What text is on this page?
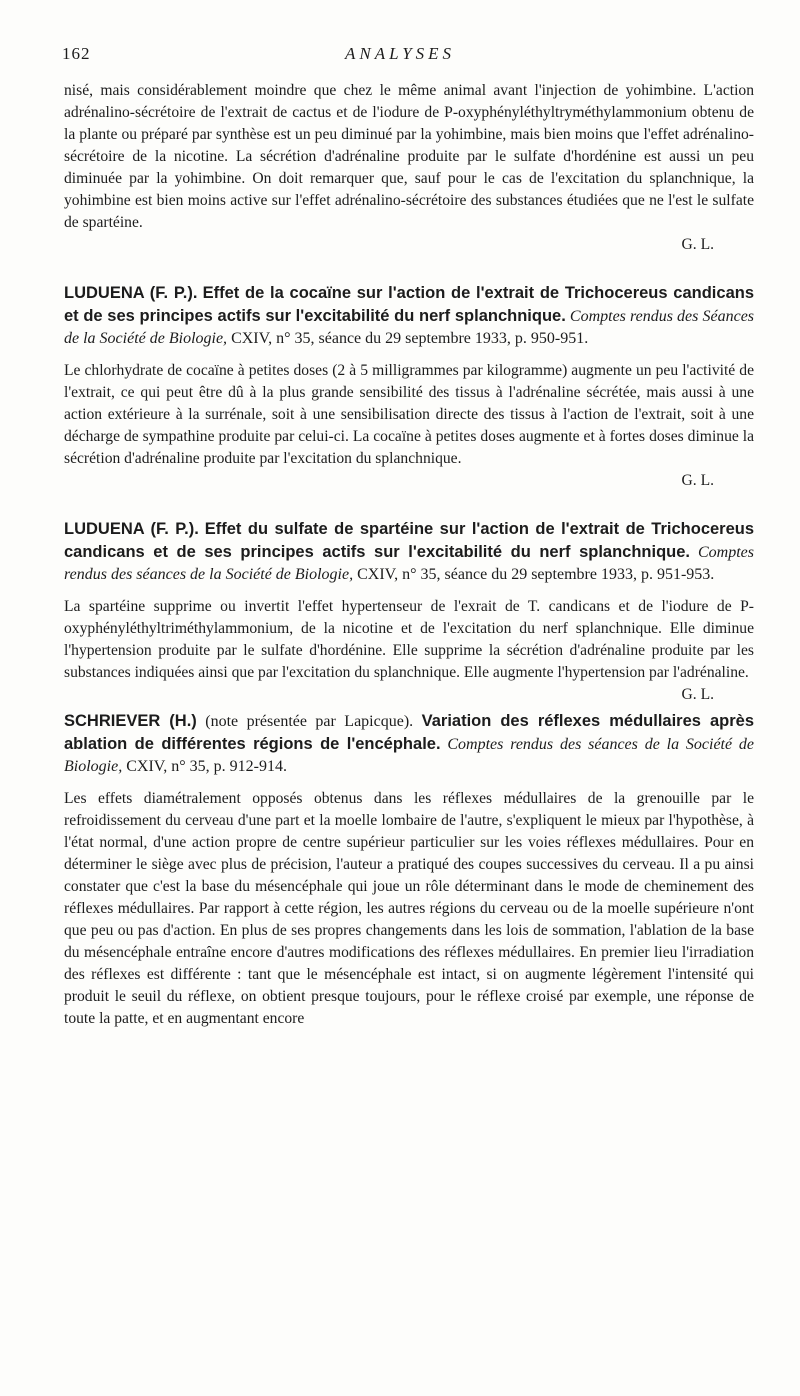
162	ANALYSES

nisé, mais considérablement moindre que chez le même animal avant l'injection de yohimbine. L'action adrénalino-sécrétoire de l'extrait de cactus et de l'iodure de P-oxyphényléthyltryméthylammonium obtenu de la plante ou préparé par synthèse est un peu diminué par la yohimbine, mais bien moins que l'effet adrénalino-sécrétoire de la nicotine. La sécrétion d'adrénaline produite par le sulfate d'hordénine est aussi un peu diminuée par la yohimbine. On doit remarquer que, sauf pour le cas de l'excitation du splanchnique, la yohimbine est bien moins active sur l'effet adrénalino-sécrétoire des substances étudiées que ne l'est le sulfate de spartéine.

G. L.

LUDUENA (F. P.). Effet de la cocaïne sur l'action de l'extrait de Trichocereus candicans et de ses principes actifs sur l'excitabilité du nerf splanchnique. Comptes rendus des Séances de la Société de Biologie, CXIV, n° 35, séance du 29 septembre 1933, p. 950-951.

Le chlorhydrate de cocaïne à petites doses (2 à 5 milligrammes par kilogramme) augmente un peu l'activité de l'extrait, ce qui peut être dû à la plus grande sensibilité des tissus à l'adrénaline sécrétée, mais aussi à une action extérieure à la surrénale, soit à une sensibilisation directe des tissus à l'action de l'extrait, soit à une décharge de sympathine produite par celui-ci. La cocaïne à petites doses augmente et à fortes doses diminue la sécrétion d'adrénaline produite par l'excitation du splanchnique.

G. L.

LUDUENA (F. P.). Effet du sulfate de spartéine sur l'action de l'extrait de Trichocereus candicans et de ses principes actifs sur l'excitabilité du nerf splanchnique. Comptes rendus des séances de la Société de Biologie, CXIV, n° 35, séance du 29 septembre 1933, p. 951-953.

La spartéine supprime ou invertit l'effet hypertenseur de l'exrait de T. candicans et de l'iodure de P-oxyphényléthyltriméthylammonium, de la nicotine et de l'excitation du nerf splanchnique. Elle diminue l'hypertension produite par le sulfate d'hordénine. Elle supprime la sécrétion d'adrénaline produite par les substances indiquées ainsi que par l'excitation du splanchnique. Elle augmente l'hypertension par l'adrénaline.
G. L.

SCHRIEVER (H.) (note présentée par Lapicque). Variation des réflexes médullaires après ablation de différentes régions de l'encéphale. Comptes rendus des séances de la Société de Biologie, CXIV, n° 35, p. 912-914.

Les effets diamétralement opposés obtenus dans les réflexes médullaires de la grenouille par le refroidissement du cerveau d'une part et la moelle lombaire de l'autre, s'expliquent le mieux par l'hypothèse, à l'état normal, d'une action propre de centre supérieur particulier sur les voies réflexes médullaires. Pour en déterminer le siège avec plus de précision, l'auteur a pratiqué des coupes successives du cerveau. Il a pu ainsi constater que c'est la base du mésencéphale qui joue un rôle déterminant dans le mode de cheminement des réflexes médullaires. Par rapport à cette région, les autres régions du cerveau ou de la moelle supérieure n'ont que peu ou pas d'action. En plus de ses propres changements dans les lois de sommation, l'ablation de la base du mésencéphale entraîne encore d'autres modifications des réflexes médullaires. En premier lieu l'irradiation des réflexes est différente : tant que le mésencéphale est intact, si on augmente légèrement l'intensité qui produit le seuil du réflexe, on obtient presque toujours, pour le réflexe croisé par exemple, une réponse de toute la patte, et en augmentant encore
